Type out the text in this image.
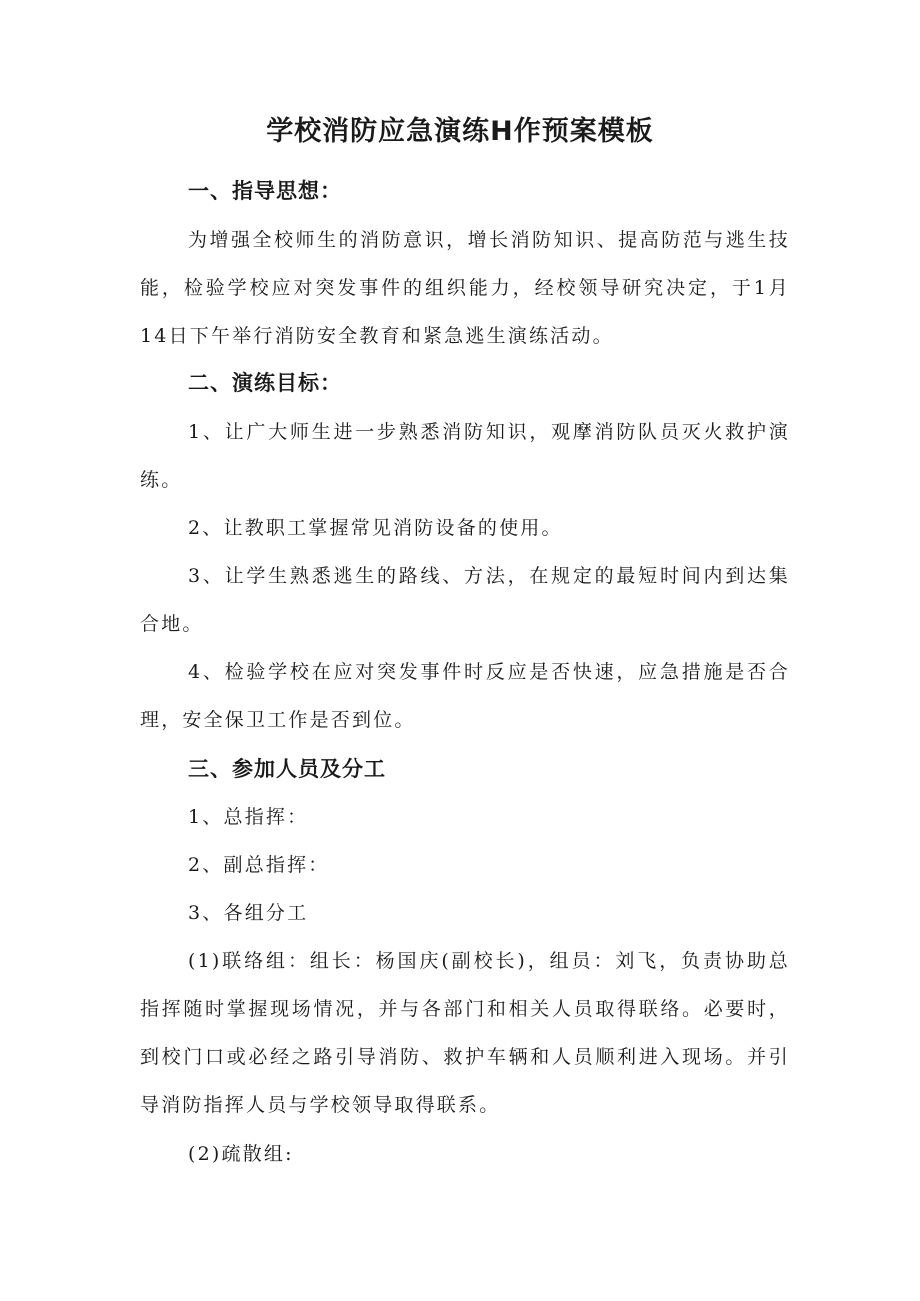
学校消防应急演练H作预案模板
一、指导思想：
为增强全校师生的消防意识，增长消防知识、提高防范与逃生技能，检验学校应对突发事件的组织能力，经校领导研究决定，于1月14日下午举行消防安全教育和紧急逃生演练活动。
二、演练目标：
1、让广大师生进一步熟悉消防知识，观摩消防队员灭火救护演练。
2、让教职工掌握常见消防设备的使用。
3、让学生熟悉逃生的路线、方法，在规定的最短时间内到达集合地。
4、检验学校在应对突发事件时反应是否快速，应急措施是否合理，安全保卫工作是否到位。
三、参加人员及分工
1、总指挥：
2、副总指挥：
3、各组分工
(1)联络组：组长：杨国庆(副校长)，组员：刘飞，负责协助总指挥随时掌握现场情况，并与各部门和相关人员取得联络。必要时，到校门口或必经之路引导消防、救护车辆和人员顺利进入现场。并引导消防指挥人员与学校领导取得联系。
(2)疏散组:
